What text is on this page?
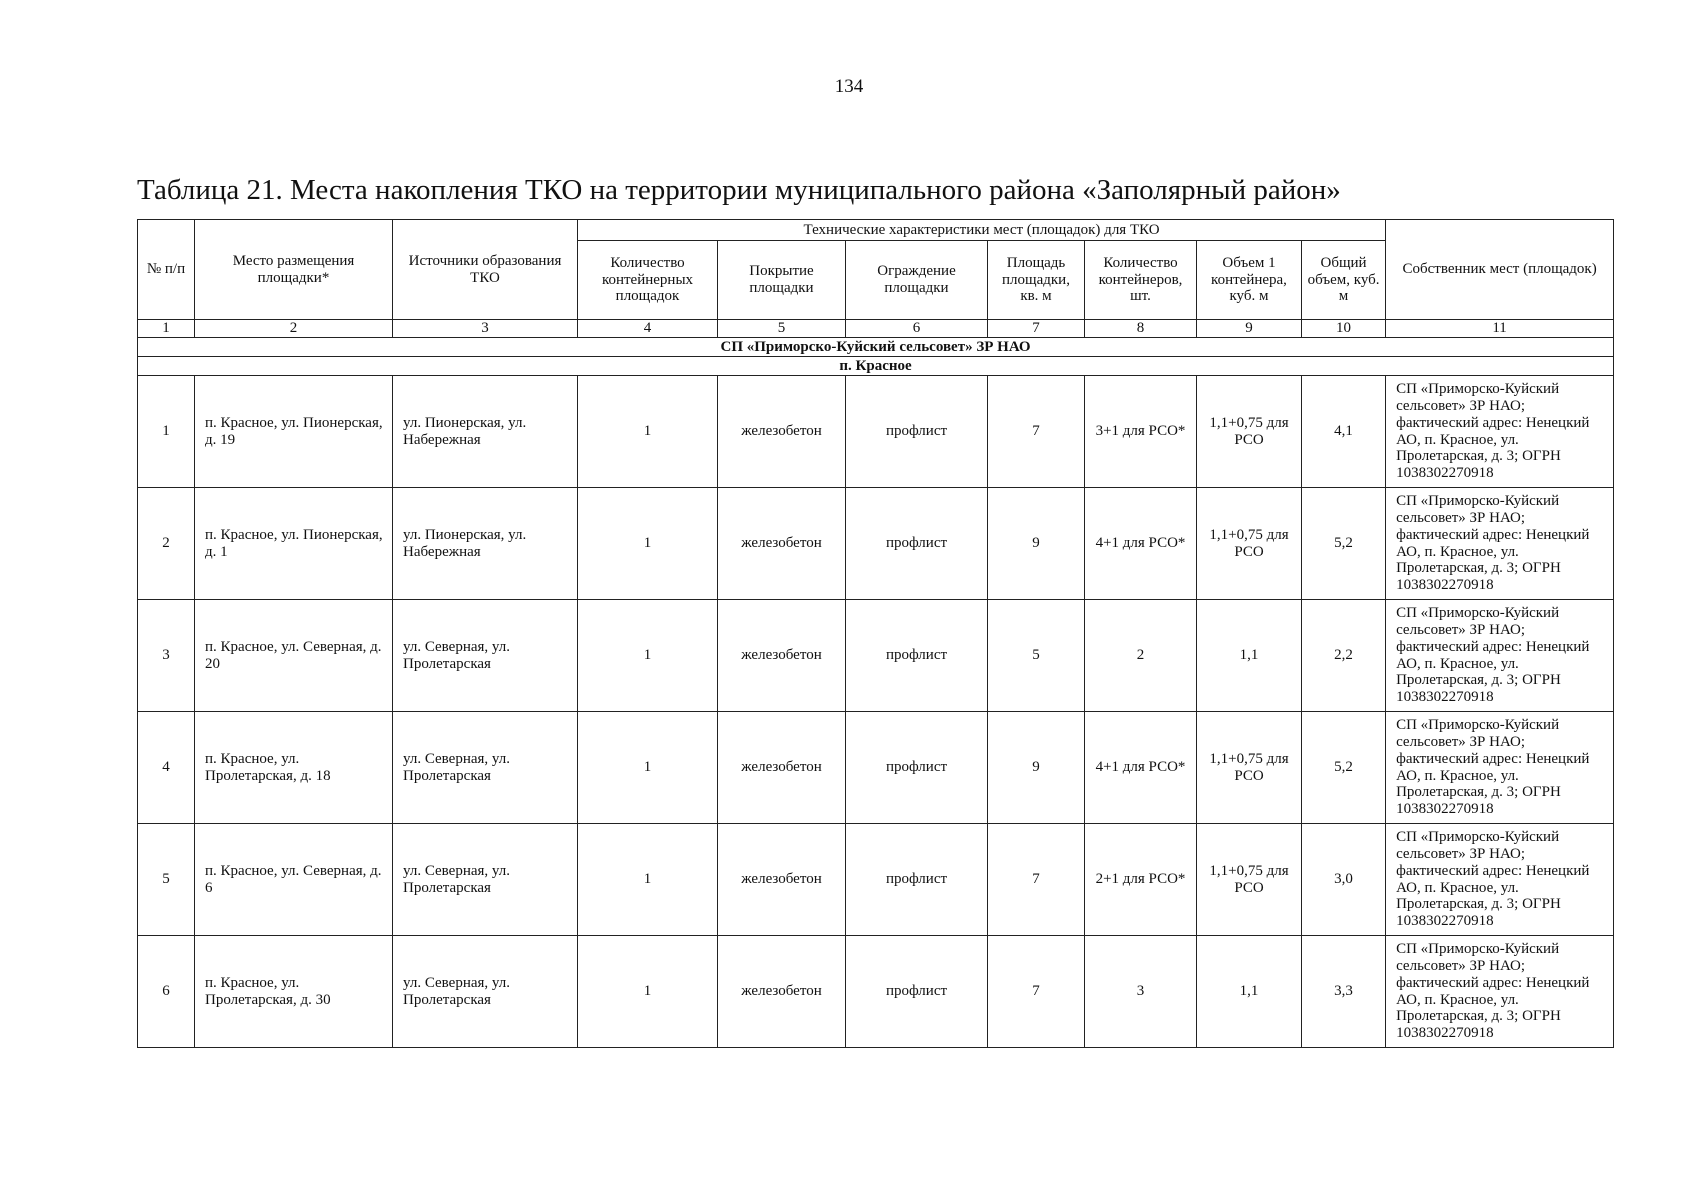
134
Таблица 21. Места накопления ТКО на территории муниципального района «Заполярный район»
№ п/п	Место размещения площадки*	Источники образования ТКО	Технические характеристики мест (площадок) для ТКО							Собственник мест (площадок)
			Количество контейнерных площадок	Покрытие площадки	Ограждение площадки	Площадь площадки, кв. м	Количество контейнеров, шт.	Объем 1 контейнера, куб. м	Общий объем, куб. м	
1	2	3	4	5	6	7	8	9	10	11
СП «Приморско-Куйский сельсовет» ЗР НАО										
п. Красное										
1	п. Красное, ул. Пионерская, д. 19	ул. Пионерская, ул. Набережная	1	железобетон	профлист	7	3+1 для РСО*	1,1+0,75 для РСО	4,1	СП «Приморско-Куйский сельсовет» ЗР НАО; фактический адрес: Ненецкий АО, п. Красное, ул. Пролетарская, д. 3; ОГРН 1038302270918
2	п. Красное, ул. Пионерская, д. 1	ул. Пионерская, ул. Набережная	1	железобетон	профлист	9	4+1 для РСО*	1,1+0,75 для РСО	5,2	СП «Приморско-Куйский сельсовет» ЗР НАО; фактический адрес: Ненецкий АО, п. Красное, ул. Пролетарская, д. 3; ОГРН 1038302270918
3	п. Красное, ул. Северная, д. 20	ул. Северная, ул. Пролетарская	1	железобетон	профлист	5	2	1,1	2,2	СП «Приморско-Куйский сельсовет» ЗР НАО; фактический адрес: Ненецкий АО, п. Красное, ул. Пролетарская, д. 3; ОГРН 1038302270918
4	п. Красное, ул. Пролетарская, д. 18	ул. Северная, ул. Пролетарская	1	железобетон	профлист	9	4+1 для РСО*	1,1+0,75 для РСО	5,2	СП «Приморско-Куйский сельсовет» ЗР НАО; фактический адрес: Ненецкий АО, п. Красное, ул. Пролетарская, д. 3; ОГРН 1038302270918
5	п. Красное, ул. Северная, д. 6	ул. Северная, ул. Пролетарская	1	железобетон	профлист	7	2+1 для РСО*	1,1+0,75 для РСО	3,0	СП «Приморско-Куйский сельсовет» ЗР НАО; фактический адрес: Ненецкий АО, п. Красное, ул. Пролетарская, д. 3; ОГРН 1038302270918
6	п. Красное, ул. Пролетарская, д. 30	ул. Северная, ул. Пролетарская	1	железобетон	профлист	7	3	1,1	3,3	СП «Приморско-Куйский сельсовет» ЗР НАО; фактический адрес: Ненецкий АО, п. Красное, ул. Пролетарская, д. 3; ОГРН 1038302270918
